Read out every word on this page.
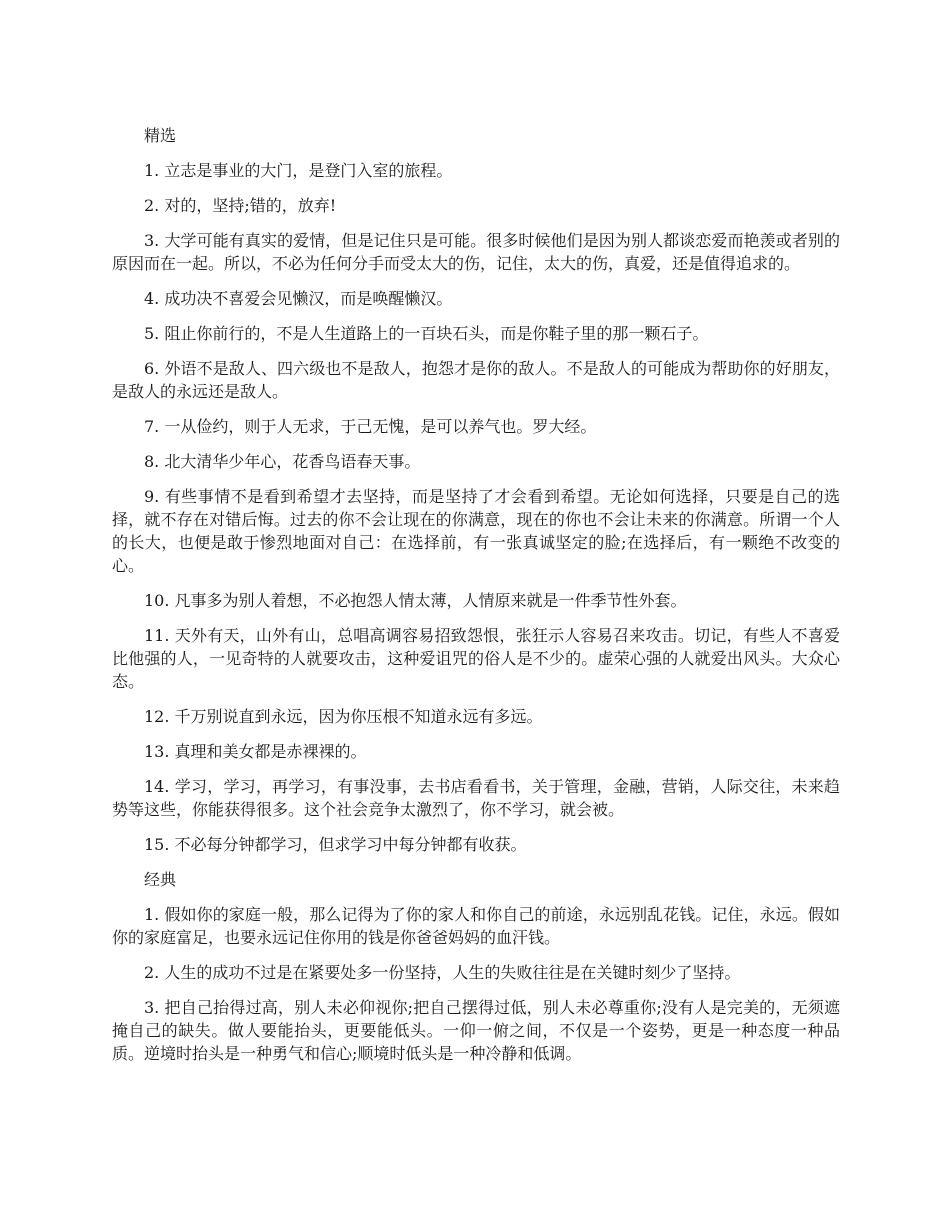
精选

1. 立志是事业的大门，是登门入室的旅程。

2. 对的，坚持;错的，放弃!

3. 大学可能有真实的爱情，但是记住只是可能。很多时候他们是因为别人都谈恋爱而艳羡或者别的原因而在一起。所以，不必为任何分手而受太大的伤，记住，太大的伤，真爱，还是值得追求的。

4. 成功决不喜爱会见懒汉，而是唤醒懒汉。

5. 阻止你前行的，不是人生道路上的一百块石头，而是你鞋子里的那一颗石子。

6. 外语不是敌人、四六级也不是敌人，抱怨才是你的敌人。不是敌人的可能成为帮助你的好朋友，是敌人的永远还是敌人。

7. 一从俭约，则于人无求，于己无愧，是可以养气也。罗大经。

8. 北大清华少年心，花香鸟语春天事。

9. 有些事情不是看到希望才去坚持，而是坚持了才会看到希望。无论如何选择，只要是自己的选择，就不存在对错后悔。过去的你不会让现在的你满意，现在的你也不会让未来的你满意。所谓一个人的长大，也便是敢于惨烈地面对自己：在选择前，有一张真诚坚定的脸;在选择后，有一颗绝不改变的心。

10. 凡事多为别人着想，不必抱怨人情太薄，人情原来就是一件季节性外套。

11. 天外有天，山外有山，总唱高调容易招致怨恨，张狂示人容易召来攻击。切记，有些人不喜爱比他强的人，一见奇特的人就要攻击，这种爱诅咒的俗人是不少的。虚荣心强的人就爱出风头。大众心态。

12. 千万别说直到永远，因为你压根不知道永远有多远。

13. 真理和美女都是赤裸裸的。

14. 学习，学习，再学习，有事没事，去书店看看书，关于管理，金融，营销，人际交往，未来趋势等这些，你能获得很多。这个社会竞争太激烈了，你不学习，就会被。

15. 不必每分钟都学习，但求学习中每分钟都有收获。

经典

1. 假如你的家庭一般，那么记得为了你的家人和你自己的前途，永远别乱花钱。记住，永远。假如你的家庭富足，也要永远记住你用的钱是你爸爸妈妈的血汗钱。

2. 人生的成功不过是在紧要处多一份坚持，人生的失败往往是在关键时刻少了坚持。

3. 把自己抬得过高，别人未必仰视你;把自己摆得过低，别人未必尊重你;没有人是完美的，无须遮掩自己的缺失。做人要能抬头，更要能低头。一仰一俯之间，不仅是一个姿势，更是一种态度一种品质。逆境时抬头是一种勇气和信心;顺境时低头是一种冷静和低调。
